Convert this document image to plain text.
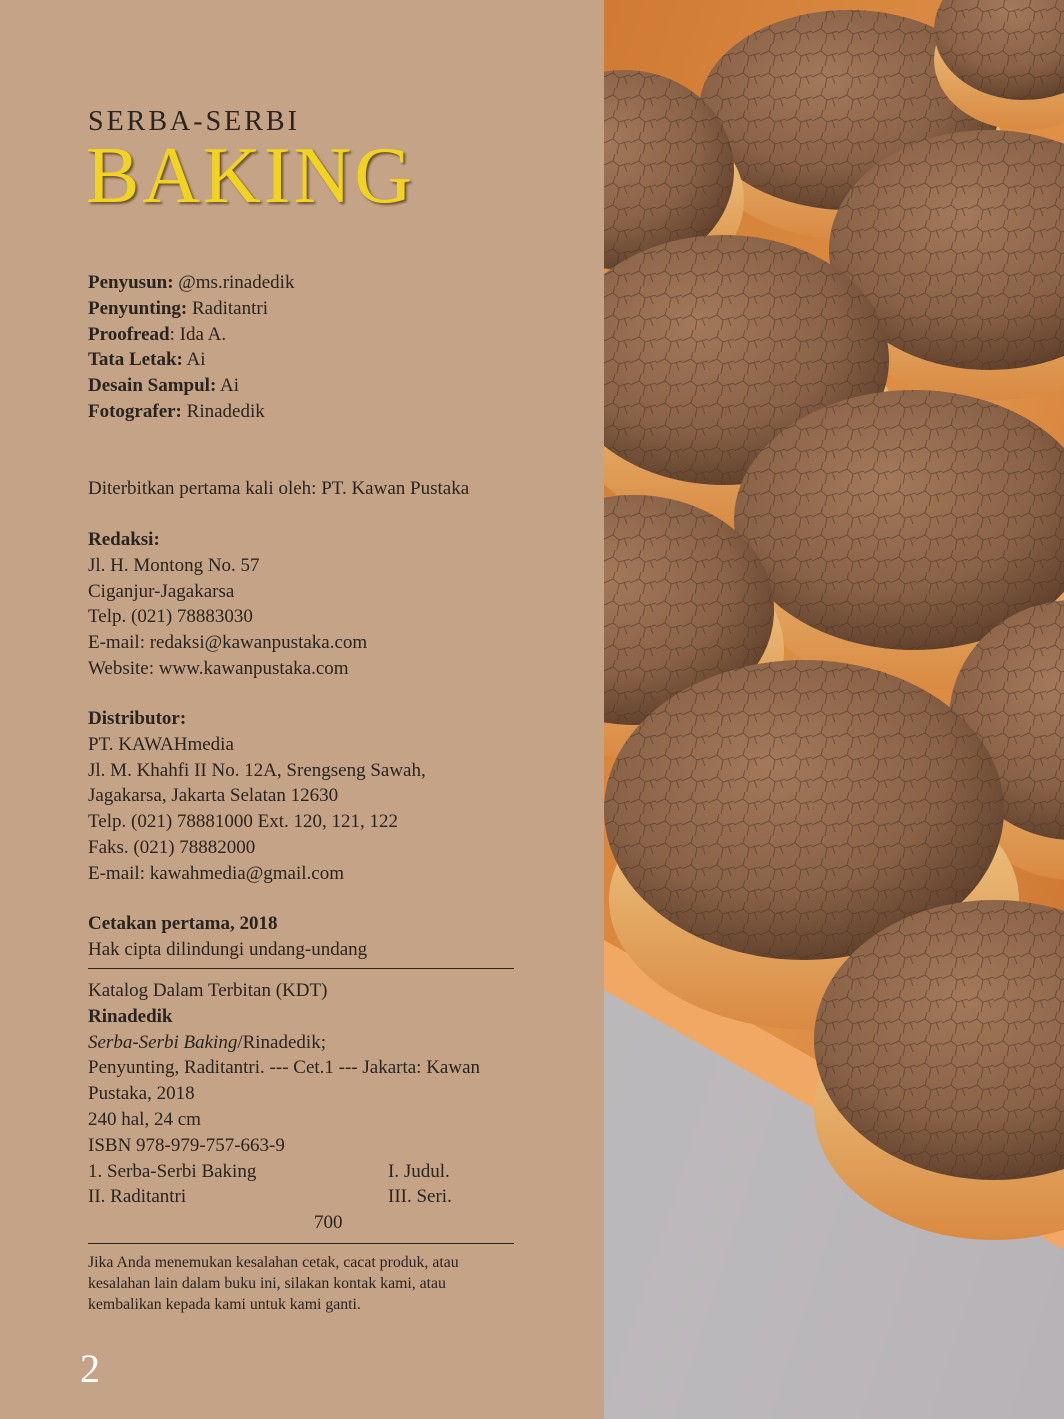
SERBA-SERBI
BAKING
Penyusun: @ms.rinadedik
Penyunting: Raditantri
Proofread: Ida A.
Tata Letak: Ai
Desain Sampul: Ai
Fotografer: Rinadedik
Diterbitkan pertama kali oleh: PT. Kawan Pustaka
Redaksi:
Jl. H. Montong No. 57
Ciganjur-Jagakarsa
Telp. (021) 78883030
E-mail: redaksi@kawanpustaka.com
Website: www.kawanpustaka.com
Distributor:
PT. KAWAHmedia
Jl. M. Khahfi II No. 12A, Srengseng Sawah,
Jagakarsa, Jakarta Selatan 12630
Telp. (021) 78881000 Ext. 120, 121, 122
Faks. (021) 78882000
E-mail: kawahmedia@gmail.com
Cetakan pertama, 2018
Hak cipta dilindungi undang-undang
Katalog Dalam Terbitan (KDT)
Rinadedik
Serba-Serbi Baking/Rinadedik;
Penyunting, Raditantri. --- Cet.1 --- Jakarta: Kawan
Pustaka, 2018
240 hal, 24 cm
ISBN 978-979-757-663-9
1. Serba-Serbi Baking	I. Judul.
II. Raditantri	III. Seri.
700
Jika Anda menemukan kesalahan cetak, cacat produk, atau kesalahan lain dalam buku ini, silakan kontak kami, atau kembalikan kepada kami untuk kami ganti.
2
